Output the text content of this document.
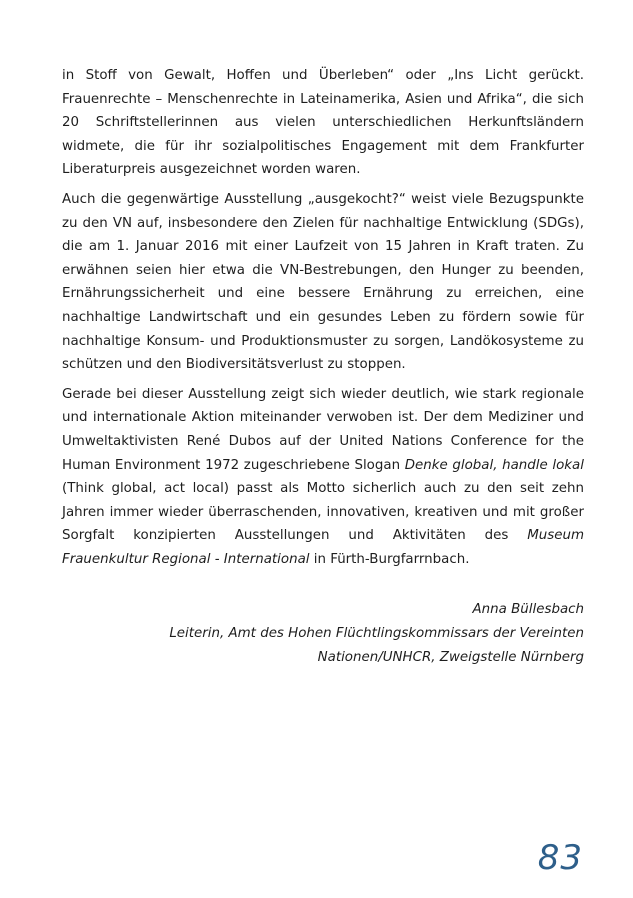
in Stoff von Gewalt, Hoffen und Überleben“ oder „Ins Licht gerückt. Frauenrechte – Menschenrechte in Lateinamerika, Asien und Afrika“, die sich 20 Schriftstellerinnen aus vielen unterschiedlichen Herkunftsländern widmete, die für ihr sozialpolitisches Engagement mit dem Frankfurter Liberaturpreis ausgezeichnet worden waren.

Auch die gegenwärtige Ausstellung „ausgekocht?“ weist viele Bezugspunkte zu den VN auf, insbesondere den Zielen für nachhaltige Entwicklung (SDGs), die am 1. Januar 2016 mit einer Laufzeit von 15 Jahren in Kraft traten. Zu erwähnen seien hier etwa die VN-Bestrebungen, den Hunger zu beenden, Ernährungssicherheit und eine bessere Ernährung zu erreichen, eine nachhaltige Landwirtschaft und ein gesundes Leben zu fördern sowie für nachhaltige Konsum- und Produktionsmuster zu sorgen, Landökosysteme zu schützen und den Biodiversitätsverlust zu stoppen.

Gerade bei dieser Ausstellung zeigt sich wieder deutlich, wie stark regionale und internationale Aktion miteinander verwoben ist. Der dem Mediziner und Umweltaktivisten René Dubos auf der United Nations Conference for the Human Environment 1972 zugeschriebene Slogan Denke global, handle lokal (Think global, act local) passt als Motto sicherlich auch zu den seit zehn Jahren immer wieder überraschenden, innovativen, kreativen und mit großer Sorgfalt konzipierten Ausstellungen und Aktivitäten des Museum Frauenkultur Regional - International in Fürth-Burgfarrnbach.

Anna Büllesbach
Leiterin, Amt des Hohen Flüchtlingskommissars der Vereinten
Nationen/UNHCR, Zweigstelle Nürnberg
83
